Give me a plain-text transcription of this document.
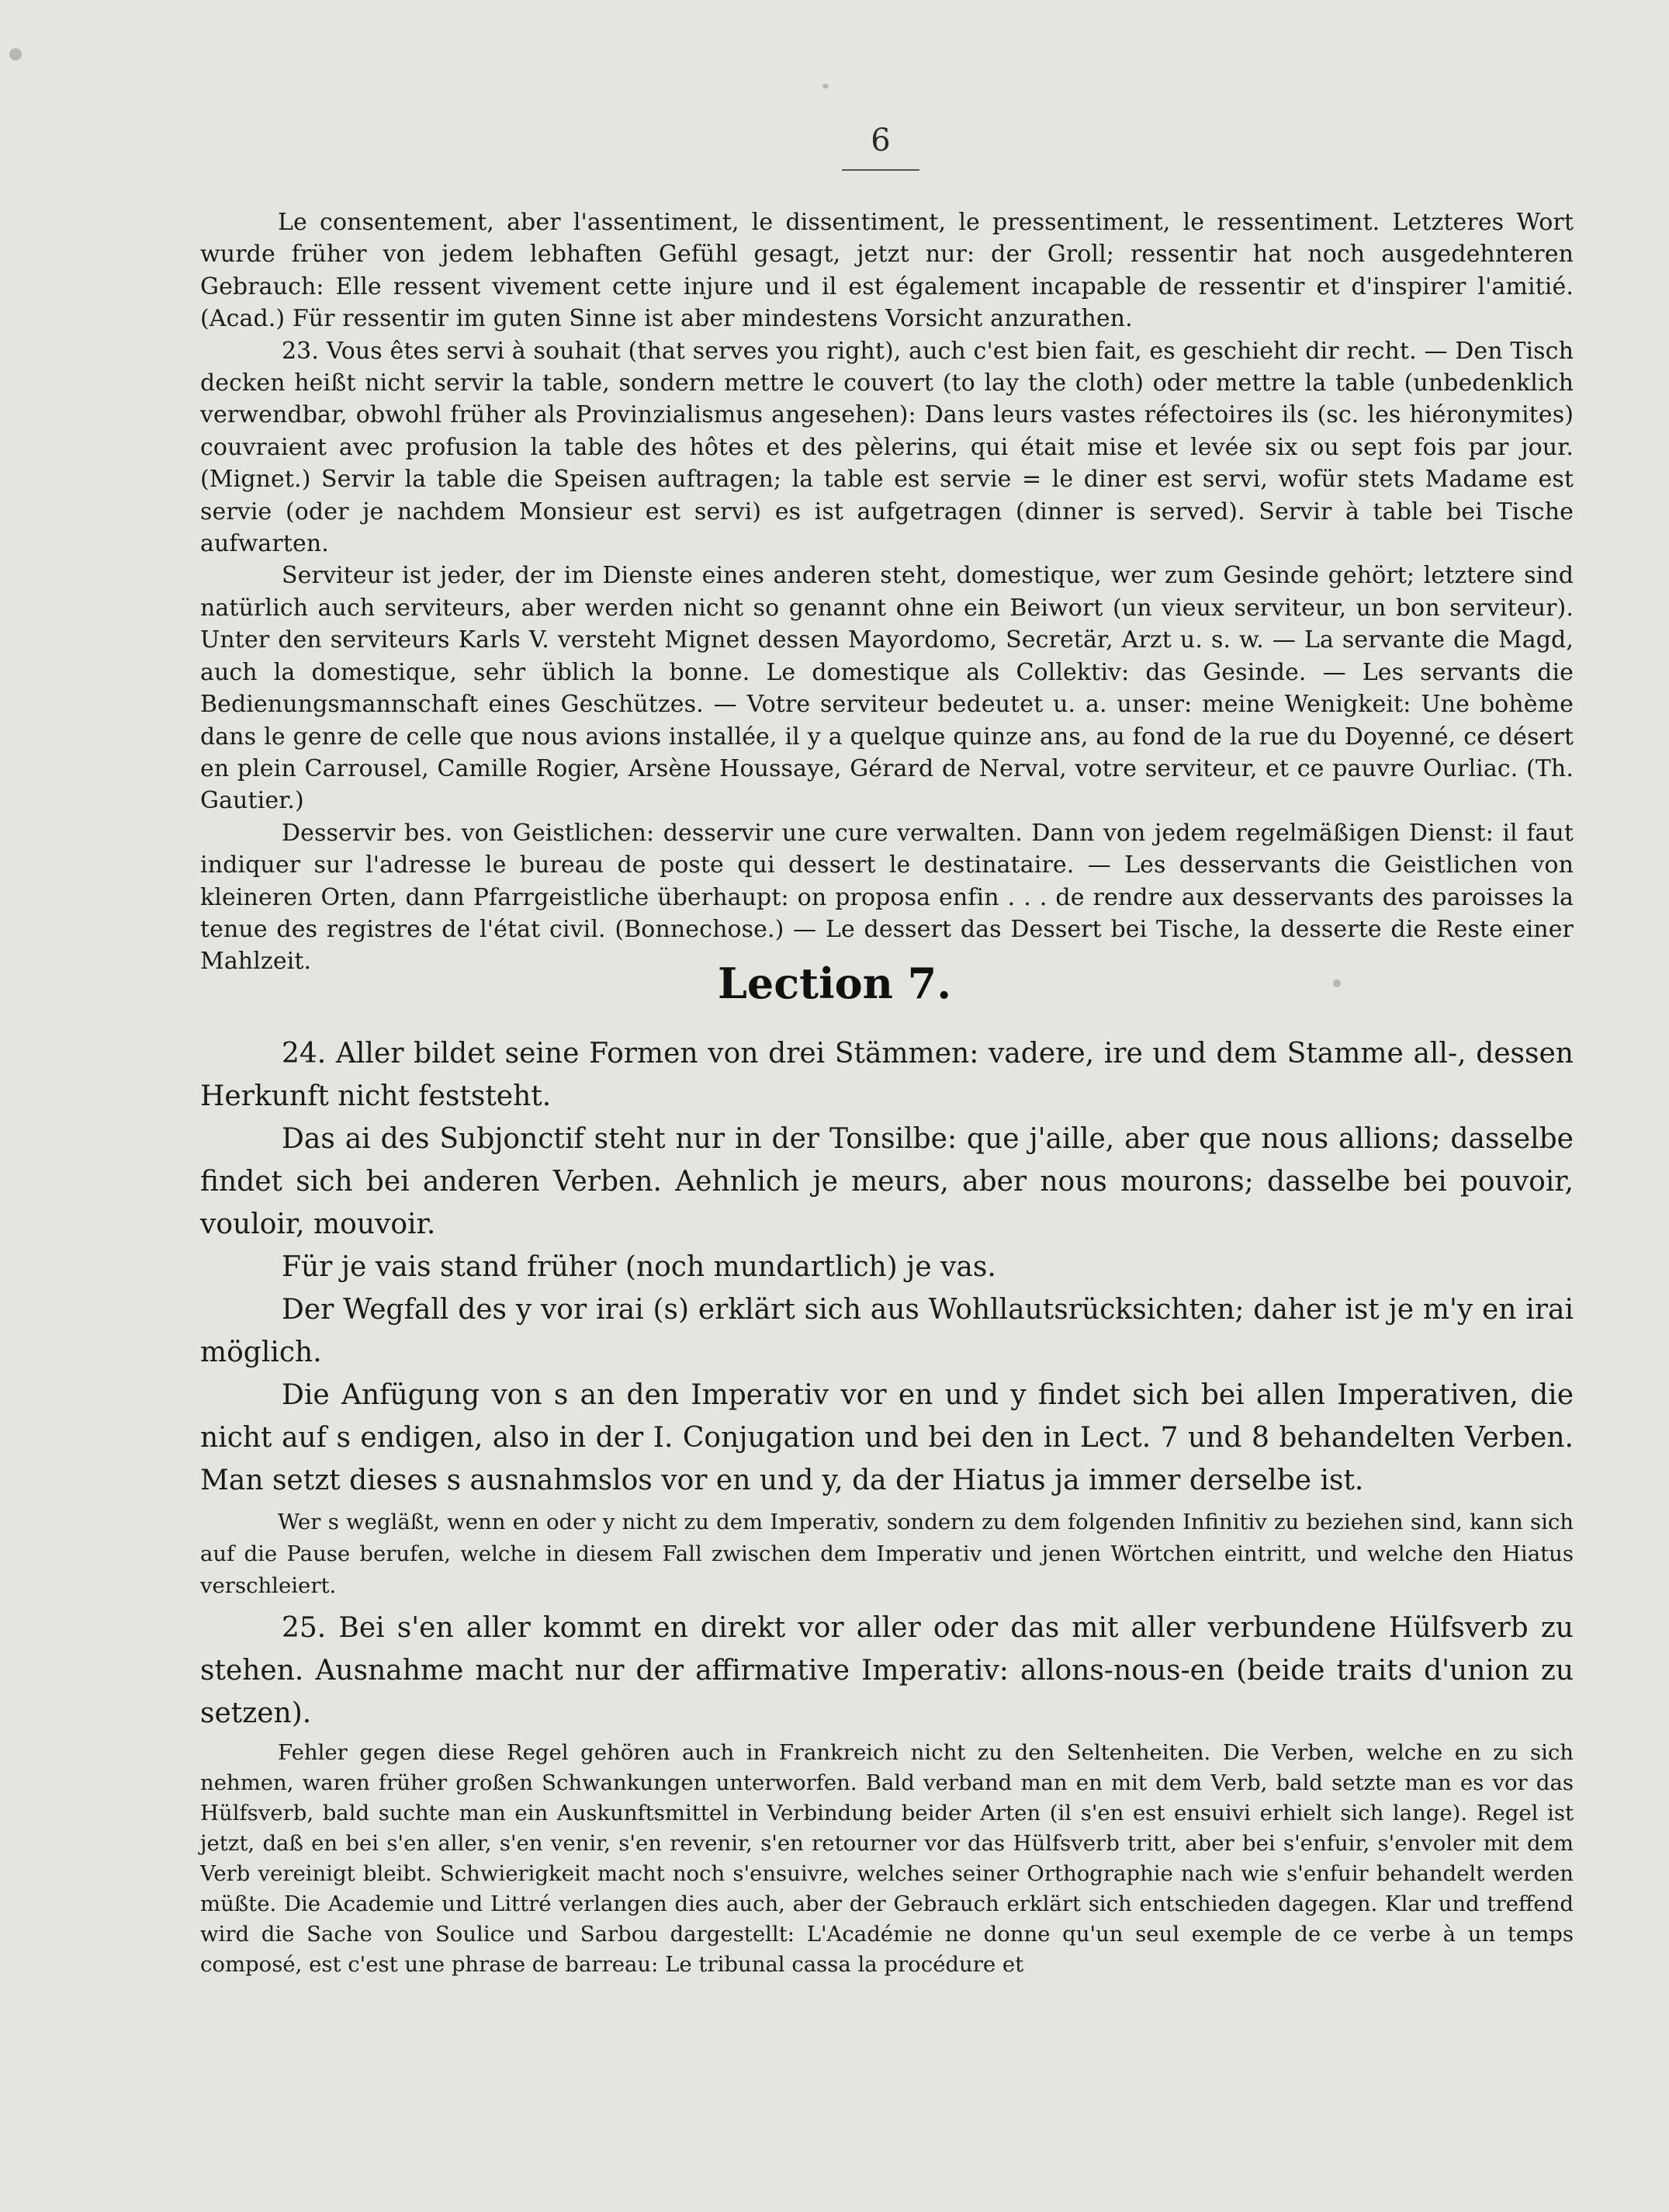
6

Le consentement, aber l'assentiment, le dissentiment, le pressentiment, le ressentiment. Letzteres Wort wurde früher von jedem lebhaften Gefühl gesagt, jetzt nur: der Groll; ressentir hat noch ausgedehnteren Gebrauch: Elle ressent vivement cette injure und il est également incapable de ressentir et d'inspirer l'amitié. (Acad.) Für ressentir im guten Sinne ist aber mindestens Vorsicht anzurathen.

23. Vous êtes servi à souhait (that serves you right), auch c'est bien fait, es geschieht dir recht. — Den Tisch decken heißt nicht servir la table, sondern mettre le couvert (to lay the cloth) oder mettre la table (unbedenklich verwendbar, obwohl früher als Provinzialismus angesehen): Dans leurs vastes réfectoires ils (sc. les hiéronymites) couvraient avec profusion la table des hôtes et des pèlerins, qui était mise et levée six ou sept fois par jour. (Mignet.) Servir la table die Speisen auftragen; la table est servie = le diner est servi, wofür stets Madame est servie (oder je nachdem Monsieur est servi) es ist aufgetragen (dinner is served). Servir à table bei Tische aufwarten.

Serviteur ist jeder, der im Dienste eines anderen steht, domestique, wer zum Gesinde gehört; letztere sind natürlich auch serviteurs, aber werden nicht so genannt ohne ein Beiwort (un vieux serviteur, un bon serviteur). Unter den serviteurs Karls V. versteht Mignet dessen Mayordomo, Secretär, Arzt u. s. w. — La servante die Magd, auch la domestique, sehr üblich la bonne. Le domestique als Collektiv: das Gesinde. — Les servants die Bedienungsmannschaft eines Geschützes. — Votre serviteur bedeutet u. a. unser: meine Wenigkeit: Une bohème dans le genre de celle que nous avions installée, il y a quelque quinze ans, au fond de la rue du Doyenné, ce désert en plein Carrousel, Camille Rogier, Arsène Houssaye, Gérard de Nerval, votre serviteur, et ce pauvre Ourliac. (Th. Gautier.)

Desservir bes. von Geistlichen: desservir une cure verwalten. Dann von jedem regelmäßigen Dienst: il faut indiquer sur l'adresse le bureau de poste qui dessert le destinataire. — Les desservants die Geistlichen von kleineren Orten, dann Pfarrgeistliche überhaupt: on proposa enfin . . . de rendre aux desservants des paroisses la tenue des registres de l'état civil. (Bonnechose.) — Le dessert das Dessert bei Tische, la desserte die Reste einer Mahlzeit.	Lection 7.

24. Aller bildet seine Formen von drei Stämmen: vadere, ire und dem Stamme all-, dessen Herkunft nicht feststeht.

Das ai des Subjonctif steht nur in der Tonsilbe: que j'aille, aber que nous allions; dasselbe findet sich bei anderen Verben. Aehnlich je meurs, aber nous mourons; dasselbe bei pouvoir, vouloir, mouvoir.

Für je vais stand früher (noch mundartlich) je vas.

Der Wegfall des y vor irai (s) erklärt sich aus Wohllautsrücksichten; daher ist je m'y en irai möglich.

Die Anfügung von s an den Imperativ vor en und y findet sich bei allen Imperativen, die nicht auf s endigen, also in der I. Conjugation und bei den in Lect. 7 und 8 behandelten Verben. Man setzt dieses s ausnahmslos vor en und y, da der Hiatus ja immer derselbe ist.

Wer s wegläßt, wenn en oder y nicht zu dem Imperativ, sondern zu dem folgenden Infinitiv zu beziehen sind, kann sich auf die Pause berufen, welche in diesem Fall zwischen dem Imperativ und jenen Wörtchen eintritt, und welche den Hiatus verschleiert.

25. Bei s'en aller kommt en direkt vor aller oder das mit aller verbundene Hülfsverb zu stehen. Ausnahme macht nur der affirmative Imperativ: allons-nous-en (beide traits d'union zu setzen).

Fehler gegen diese Regel gehören auch in Frankreich nicht zu den Seltenheiten. Die Verben, welche en zu sich nehmen, waren früher großen Schwankungen unterworfen. Bald verband man en mit dem Verb, bald setzte man es vor das Hülfsverb, bald suchte man ein Auskunftsmittel in Verbindung beider Arten (il s'en est ensuivi erhielt sich lange). Regel ist jetzt, daß en bei s'en aller, s'en venir, s'en revenir, s'en retourner vor das Hülfsverb tritt, aber bei s'enfuir, s'envoler mit dem Verb vereinigt bleibt. Schwierigkeit macht noch s'ensuivre, welches seiner Orthographie nach wie s'enfuir behandelt werden müßte. Die Academie und Littré verlangen dies auch, aber der Gebrauch erklärt sich entschieden dagegen. Klar und treffend wird die Sache von Soulice und Sarbou dargestellt: L'Académie ne donne qu'un seul exemple de ce verbe à un temps composé, est c'est une phrase de barreau: Le tribunal cassa la procédure et
